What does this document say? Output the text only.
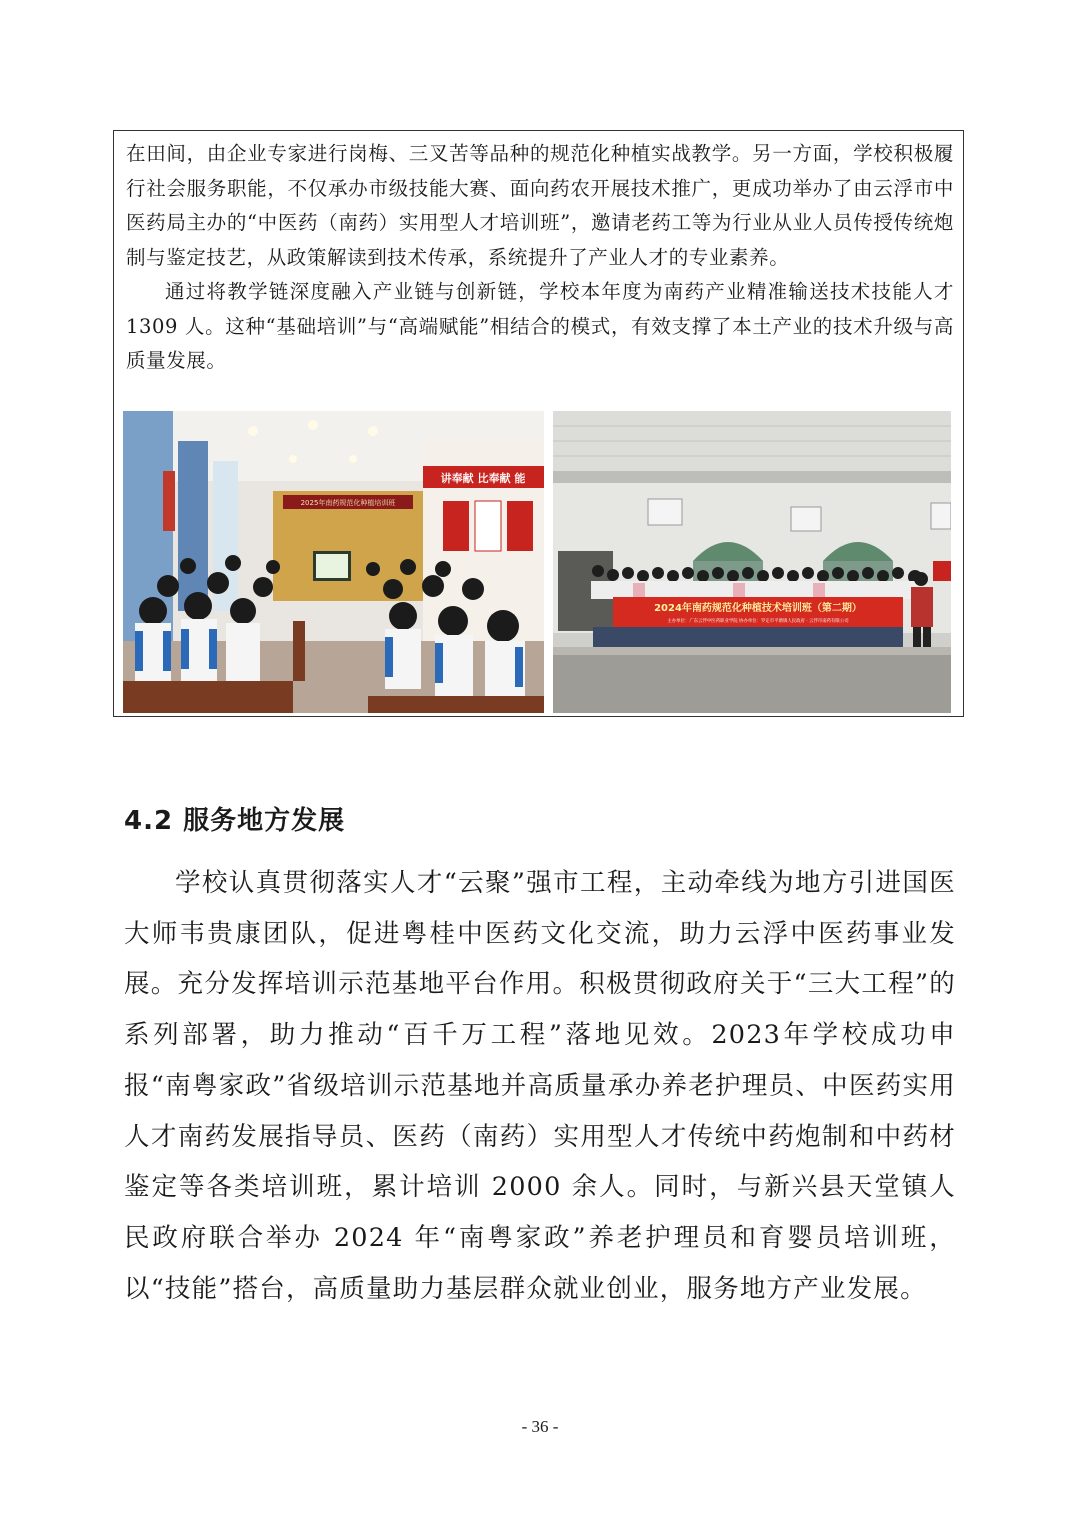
在田间，由企业专家进行岗梅、三叉苦等品种的规范化种植实战教学。另一方面，学校积极履行社会服务职能，不仅承办市级技能大赛、面向药农开展技术推广，更成功举办了由云浮市中医药局主办的“中医药（南药）实用型人才培训班”，邀请老药工等为行业从业人员传授传统炮制与鉴定技艺，从政策解读到技术传承，系统提升了产业人才的专业素养。

通过将教学链深度融入产业链与创新链，学校本年度为南药产业精准输送技术技能人才 1309 人。这种“基础培训”与“高端赋能”相结合的模式，有效支撑了本土产业的技术升级与高质量发展。

2025年南药规范化种植培训班
讲奉献 比奉献 能
2024年南药规范化种植技术培训班（第二期）
主办单位：广东云浮中医药职业学院 协办单位：罗定市平塘镇人民政府 · 云浮市南药有限公司
4.2 服务地方发展

学校认真贯彻落实人才“云聚”强市工程，主动牵线为地方引进国医大师韦贵康团队，促进粤桂中医药文化交流，助力云浮中医药事业发展。充分发挥培训示范基地平台作用。积极贯彻政府关于“三大工程”的系列部署，助力推动“百千万工程”落地见效。2023年学校成功申报“南粤家政”省级培训示范基地并高质量承办养老护理员、中医药实用人才南药发展指导员、医药（南药）实用型人才传统中药炮制和中药材鉴定等各类培训班，累计培训 2000 余人。同时，与新兴县天堂镇人民政府联合举办 2024 年“南粤家政”养老护理员和育婴员培训班，以“技能”搭台，高质量助力基层群众就业创业，服务地方产业发展。

- 36 -
